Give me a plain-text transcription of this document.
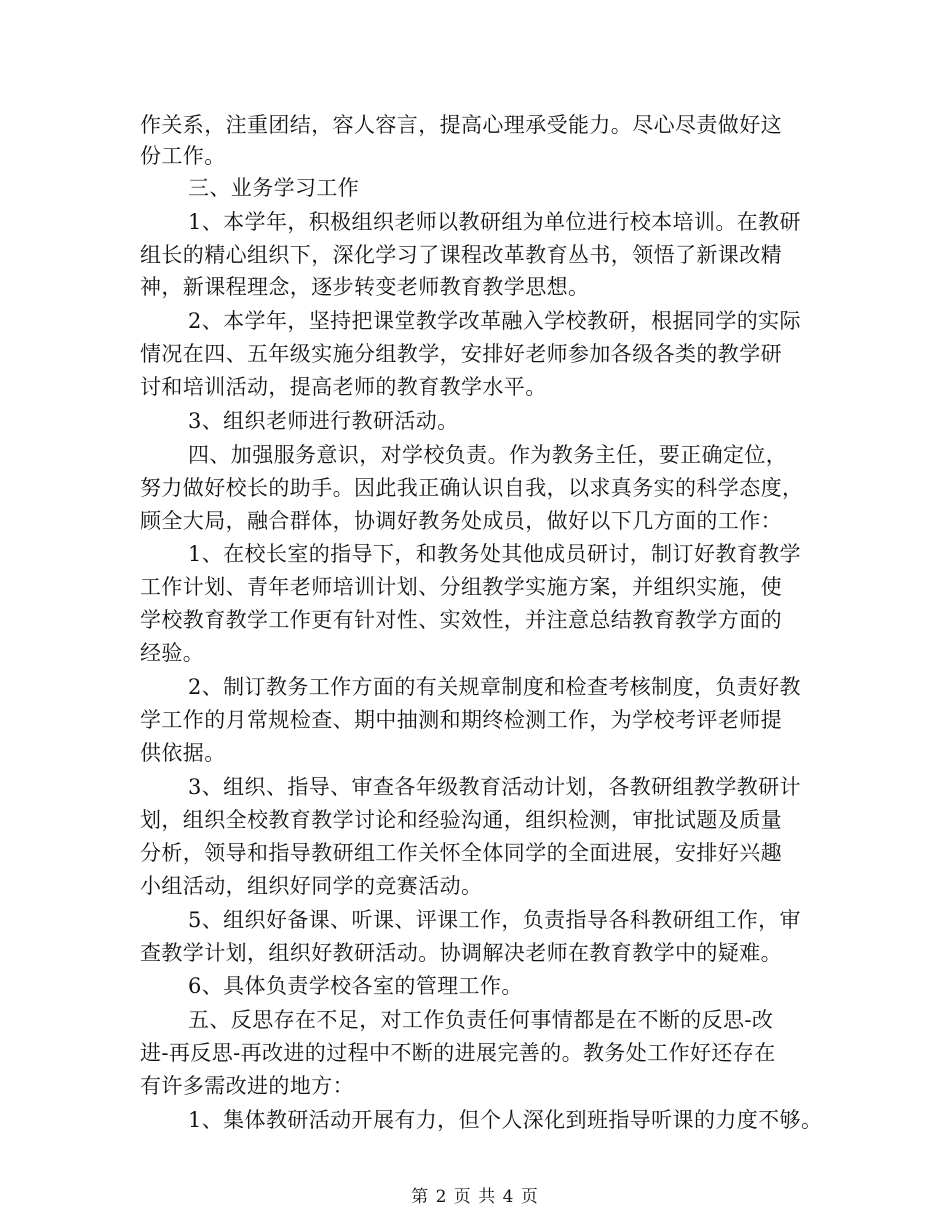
作关系，注重团结，容人容言，提高心理承受能力。尽心尽责做好这
份工作。
三、业务学习工作
1、本学年，积极组织老师以教研组为单位进行校本培训。在教研
组长的精心组织下，深化学习了课程改革教育丛书，领悟了新课改精
神，新课程理念，逐步转变老师教育教学思想。
2、本学年，坚持把课堂教学改革融入学校教研，根据同学的实际
情况在四、五年级实施分组教学，安排好老师参加各级各类的教学研
讨和培训活动，提高老师的教育教学水平。
3、组织老师进行教研活动。
四、加强服务意识，对学校负责。作为教务主任，要正确定位，
努力做好校长的助手。因此我正确认识自我，以求真务实的科学态度，
顾全大局，融合群体，协调好教务处成员，做好以下几方面的工作：
1、在校长室的指导下，和教务处其他成员研讨，制订好教育教学
工作计划、青年老师培训计划、分组教学实施方案，并组织实施，使
学校教育教学工作更有针对性、实效性，并注意总结教育教学方面的
经验。
2、制订教务工作方面的有关规章制度和检查考核制度，负责好教
学工作的月常规检查、期中抽测和期终检测工作，为学校考评老师提
供依据。
3、组织、指导、审查各年级教育活动计划，各教研组教学教研计
划，组织全校教育教学讨论和经验沟通，组织检测，审批试题及质量
分析，领导和指导教研组工作关怀全体同学的全面进展，安排好兴趣
小组活动，组织好同学的竞赛活动。
5、组织好备课、听课、评课工作，负责指导各科教研组工作，审
查教学计划，组织好教研活动。协调解决老师在教育教学中的疑难。
6、具体负责学校各室的管理工作。
五、反思存在不足，对工作负责任何事情都是在不断的反思-改
进-再反思-再改进的过程中不断的进展完善的。教务处工作好还存在
有许多需改进的地方：
1、集体教研活动开展有力，但个人深化到班指导听课的力度不够。
第 2 页 共 4 页
